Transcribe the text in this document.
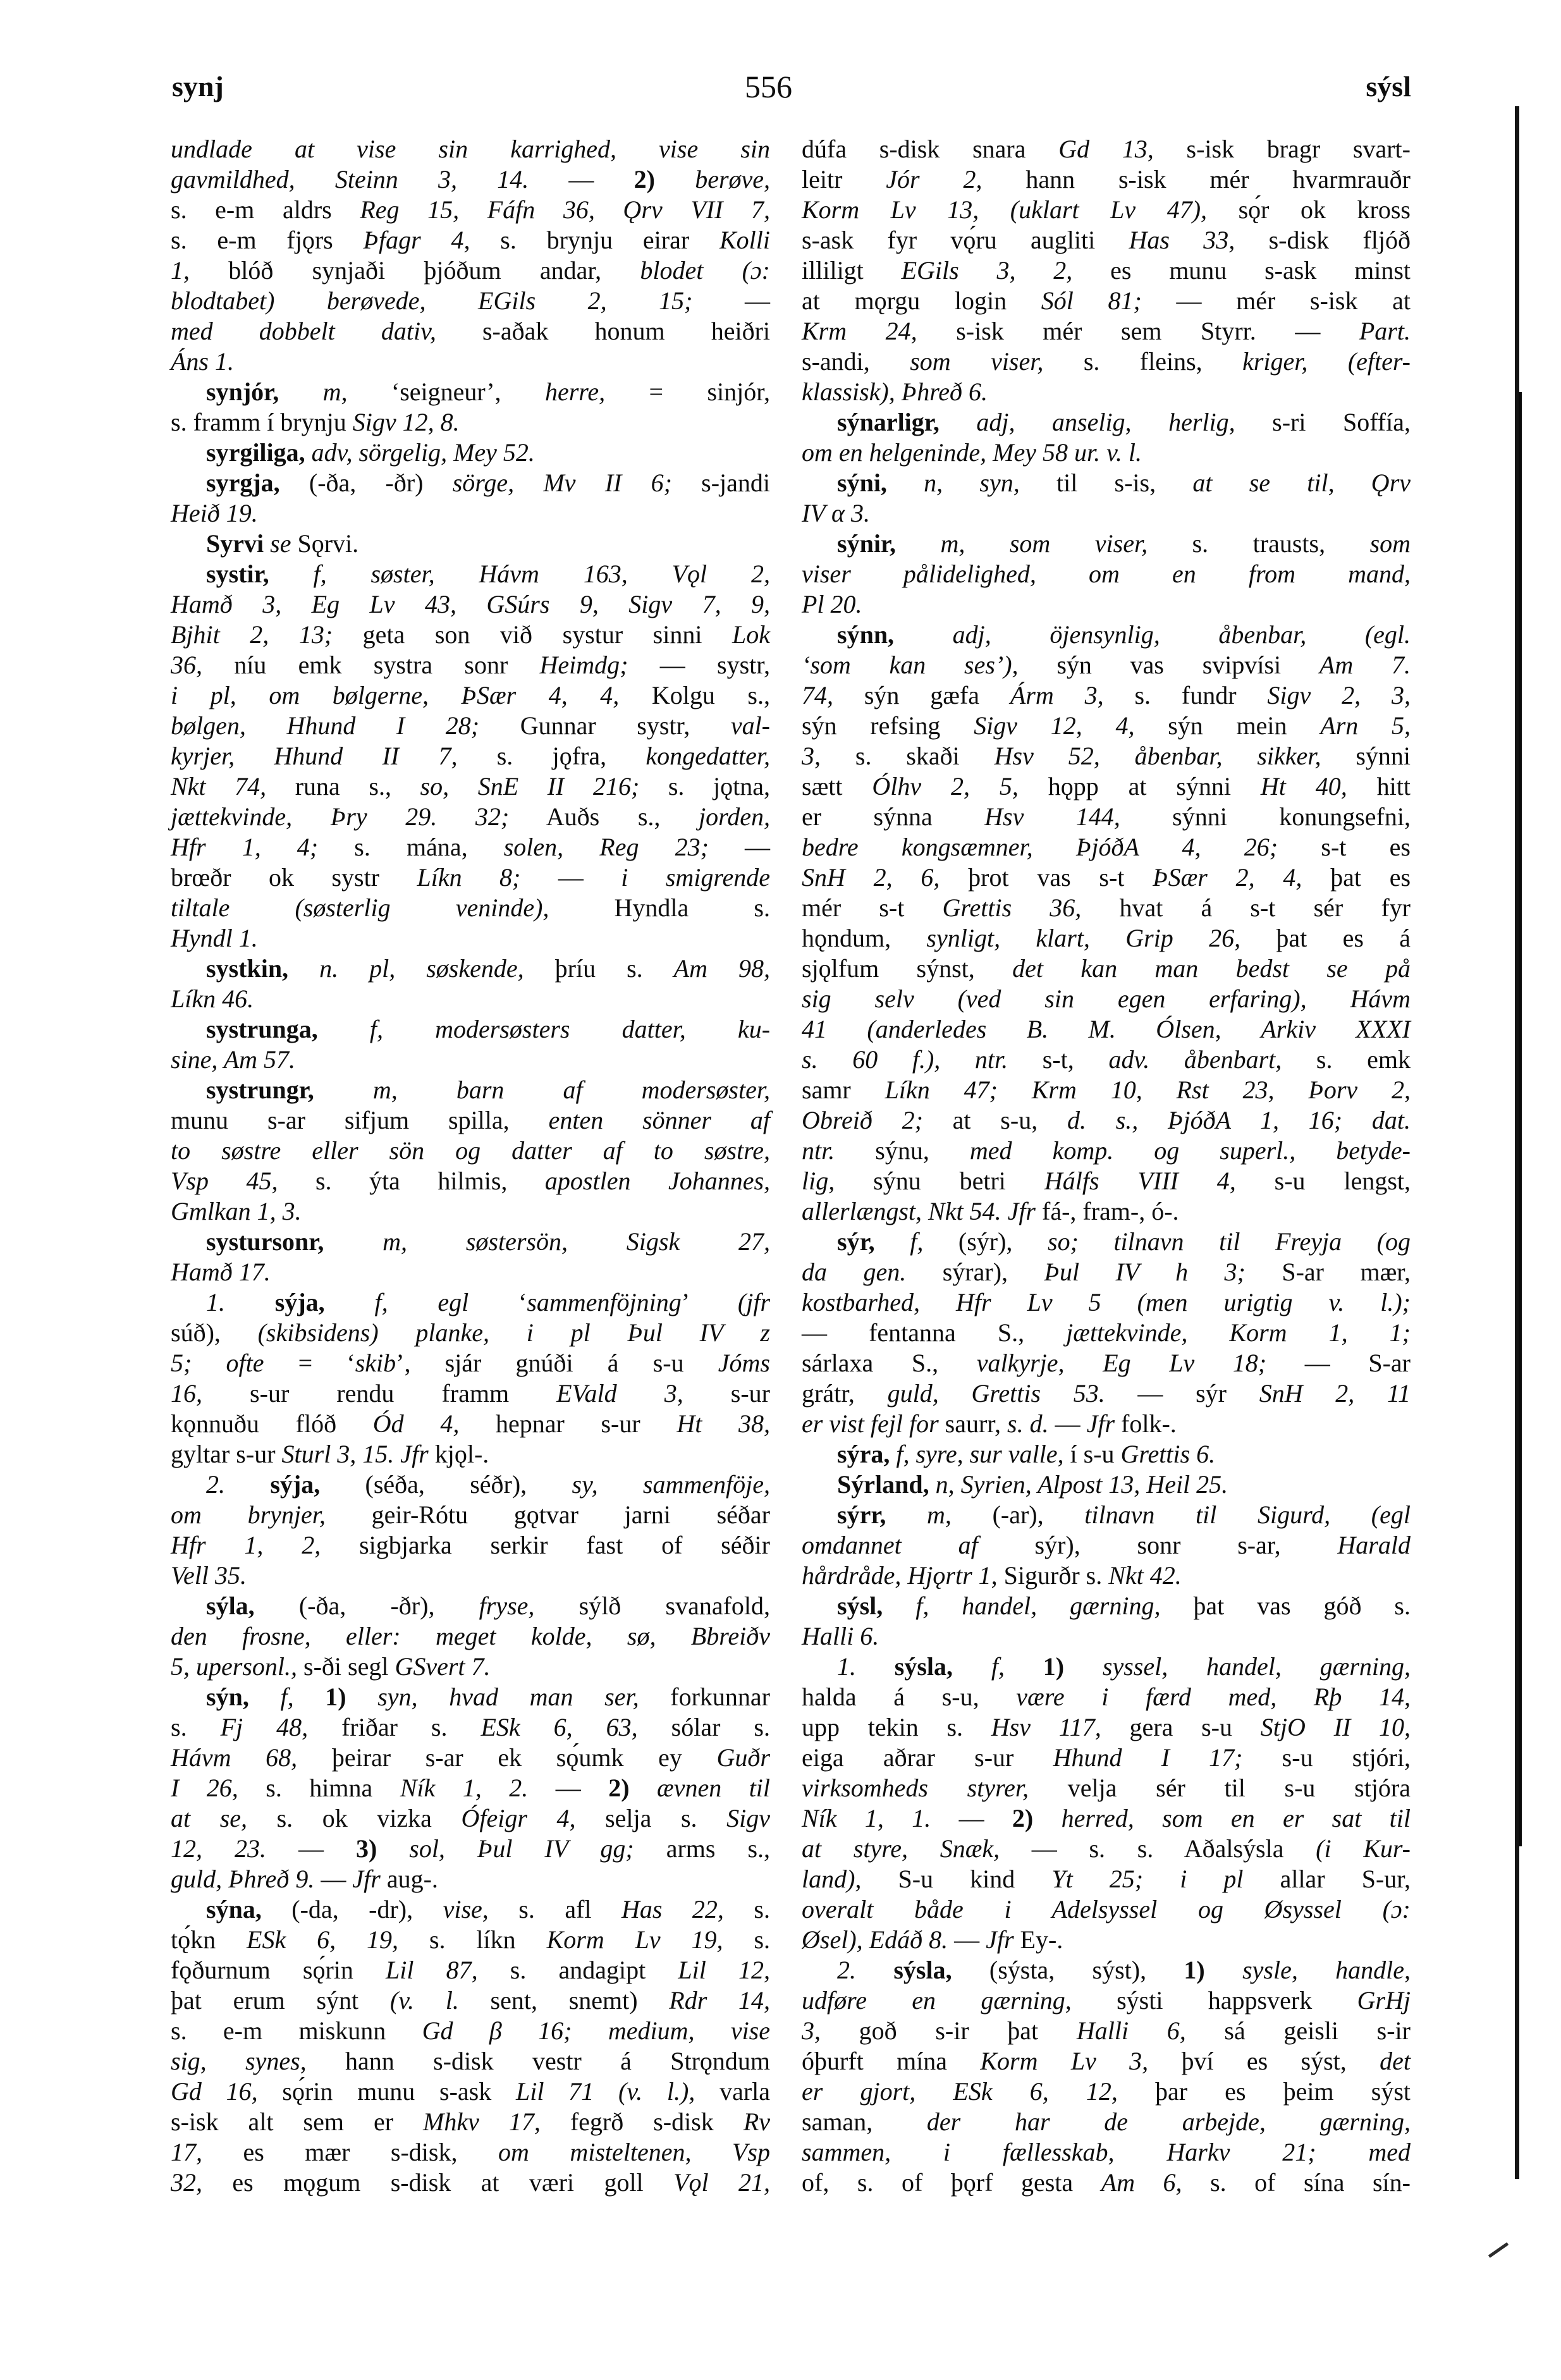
synj	556	sýsl
undlade at vise sin karrighed, vise sin
gavmildhed, Steinn 3, 14. — 2) berøve,
s. e-m aldrs Reg 15, Fáfn 36, Ǫrv VII 7,
s. e-m fjǫrs Þfagr 4, s. brynju eirar Kolli
1, blóð synjaði þjóðum andar, blodet (ɔ:
blodtabet) berøvede, EGils 2, 15; —
med dobbelt dativ, s-aðak honum heiðri
Áns 1.
synjór, m, ‘seigneur’, herre, = sinjór,
s. framm í brynju Sigv 12, 8.
syrgiliga, adv, sörgelig, Mey 52.
syrgja, (-ða, -ðr) sörge, Mv II 6; s-jandi
Heið 19.
Syrvi se Sǫrvi.
systir, f, søster, Hávm 163, Vǫl 2,
Hamð 3, Eg Lv 43, GSúrs 9, Sigv 7, 9,
Bjhit 2, 13; geta son við systur sinni Lok
36, níu emk systra sonr Heimdg; — systr,
i pl, om bølgerne, ÞSær 4, 4, Kolgu s.,
bølgen, Hhund I 28; Gunnar systr, val-
kyrjer, Hhund II 7, s. jǫfra, kongedatter,
Nkt 74, runa s., so, SnE II 216; s. jǫtna,
jættekvinde, Þry 29. 32; Auðs s., jorden,
Hfr 1, 4; s. mána, solen, Reg 23; —
brœðr ok systr Líkn 8; — i smigrende
tiltale (søsterlig veninde), Hyndla s.
Hyndl 1.
systkin, n. pl, søskende, þríu s. Am 98,
Líkn 46.
systrunga, f, modersøsters datter, ku-
sine, Am 57.
systrungr, m, barn af modersøster,
munu s-ar sifjum spilla, enten sönner af
to søstre eller sön og datter af to søstre,
Vsp 45, s. ýta hilmis, apostlen Johannes,
Gmlkan 1, 3.
systursonr, m, søstersön, Sigsk 27,
Hamð 17.
1. sýja, f, egl ‘sammenföjning’ (jfr
súð), (skibsidens) planke, i pl Þul IV z
5; ofte = ‘skib’, sjár gnúði á s-u Jóms
16, s-ur rendu framm EVald 3, s-ur
kǫnnuðu flóð Ód 4, hepnar s-ur Ht 38,
gyltar s-ur Sturl 3, 15. Jfr kjǫl-.
2. sýja, (séða, séðr), sy, sammenföje,
om brynjer, geir-Rótu gǫtvar jarni séðar
Hfr 1, 2, sigbjarka serkir fast of séðir
Vell 35.
sýla, (-ða, -ðr), fryse, sýlð svanafold,
den frosne, eller: meget kolde, sø, Bbreiðv
5, upersonl., s-ði segl GSvert 7.
sýn, f, 1) syn, hvad man ser, forkunnar
s. Fj 48, friðar s. ESk 6, 63, sólar s.
Hávm 68, þeirar s-ar ek sǫ́umk ey Guðr
I 26, s. himna Ník 1, 2. — 2) ævnen til
at se, s. ok vizka Ófeigr 4, selja s. Sigv
12, 23. — 3) sol, Þul IV gg; arms s.,
guld, Þhreð 9. — Jfr aug-.
sýna, (-da, -dr), vise, s. afl Has 22, s.
tǫ́kn ESk 6, 19, s. líkn Korm Lv 19, s.
fǫðurnum sǫ́rin Lil 87, s. andagipt Lil 12,
þat erum sýnt (v. l. sent, snemt) Rdr 14,
s. e-m miskunn Gd β 16; medium, vise
sig, synes, hann s-disk vestr á Strǫndum
Gd 16, sǫ́rin munu s-ask Lil 71 (v. l.), varla
s-isk alt sem er Mhkv 17, fegrð s-disk Rv
17, es mær s-disk, om misteltenen, Vsp
32, es mǫgum s-disk at væri goll Vǫl 21,
dúfa s-disk snara Gd 13, s-isk bragr svart-
leitr Jór 2, hann s-isk mér hvarmrauðr
Korm Lv 13, (uklart Lv 47), sǫ́r ok kross
s-ask fyr vǫ́ru augliti Has 33, s-disk fljóð
illiligt EGils 3, 2, es munu s-ask minst
at mǫrgu login Sól 81; — mér s-isk at
Krm 24, s-isk mér sem Styrr. — Part.
s-andi, som viser, s. fleins, kriger, (efter-
klassisk), Þhreð 6.
sýnarligr, adj, anselig, herlig, s-ri Soffía,
om en helgeninde, Mey 58 ur. v. l.
sýni, n, syn, til s-is, at se til, Ǫrv
IV α 3.
sýnir, m, som viser, s. trausts, som
viser pålidelighed, om en from mand,
Pl 20.
sýnn, adj, öjensynlig, åbenbar, (egl.
‘som kan ses’), sýn vas svipvísi Am 7.
74, sýn gæfa Árm 3, s. fundr Sigv 2, 3,
sýn refsing Sigv 12, 4, sýn mein Arn 5,
3, s. skaði Hsv 52, åbenbar, sikker, sýnni
sætt Ólhv 2, 5, hǫpp at sýnni Ht 40, hitt
er sýnna Hsv 144, sýnni konungsefni,
bedre kongsæmner, ÞjóðA 4, 26; s-t es
SnH 2, 6, þrot vas s-t ÞSær 2, 4, þat es
mér s-t Grettis 36, hvat á s-t sér fyr
hǫndum, synligt, klart, Grip 26, þat es á
sjǫlfum sýnst, det kan man bedst se på
sig selv (ved sin egen erfaring), Hávm
41 (anderledes B. M. Ólsen, Arkiv XXXI
s. 60 f.), ntr. s-t, adv. åbenbart, s. emk
samr Líkn 47; Krm 10, Rst 23, Þorv 2,
Obreið 2; at s-u, d. s., ÞjóðA 1, 16; dat.
ntr. sýnu, med komp. og superl., betyde-
lig, sýnu betri Hálfs VIII 4, s-u lengst,
allerlængst, Nkt 54. Jfr fá-, fram-, ó-.
sýr, f, (sýr), so; tilnavn til Freyja (og
da gen. sýrar), Þul IV h 3; S-ar mær,
kostbarhed, Hfr Lv 5 (men urigtig v. l.);
— fentanna S., jættekvinde, Korm 1, 1;
sárlaxa S., valkyrje, Eg Lv 18; — S-ar
grátr, guld, Grettis 53. — sýr SnH 2, 11
er vist fejl for saurr, s. d. — Jfr folk-.
sýra, f, syre, sur valle, í s-u Grettis 6.
Sýrland, n, Syrien, Alpost 13, Heil 25.
sýrr, m, (-ar), tilnavn til Sigurd, (egl
omdannet af sýr), sonr s-ar, Harald
hårdråde, Hjǫrtr 1, Sigurðr s. Nkt 42.
sýsl, f, handel, gærning, þat vas góð s.
Halli 6.
1. sýsla, f, 1) syssel, handel, gærning,
halda á s-u, være i færd med, Rþ 14,
upp tekin s. Hsv 117, gera s-u StjO II 10,
eiga aðrar s-ur Hhund I 17; s-u stjóri,
virksomheds styrer, velja sér til s-u stjóra
Ník 1, 1. — 2) herred, som en er sat til
at styre, Snæk, — s. s. Aðalsýsla (i Kur-
land), S-u kind Yt 25; i pl allar S-ur,
overalt både i Adelsyssel og Øsyssel (ɔ:
Øsel), Edáð 8. — Jfr Ey-.
2. sýsla, (sýsta, sýst), 1) sysle, handle,
udføre en gærning, sýsti happsverk GrHj
3, goð s-ir þat Halli 6, sá geisli s-ir
óþurft mína Korm Lv 3, því es sýst, det
er gjort, ESk 6, 12, þar es þeim sýst
saman, der har de arbejde, gærning,
sammen, i fællesskab, Harkv 21; med
of, s. of þǫrf gesta Am 6, s. of sína sín-
